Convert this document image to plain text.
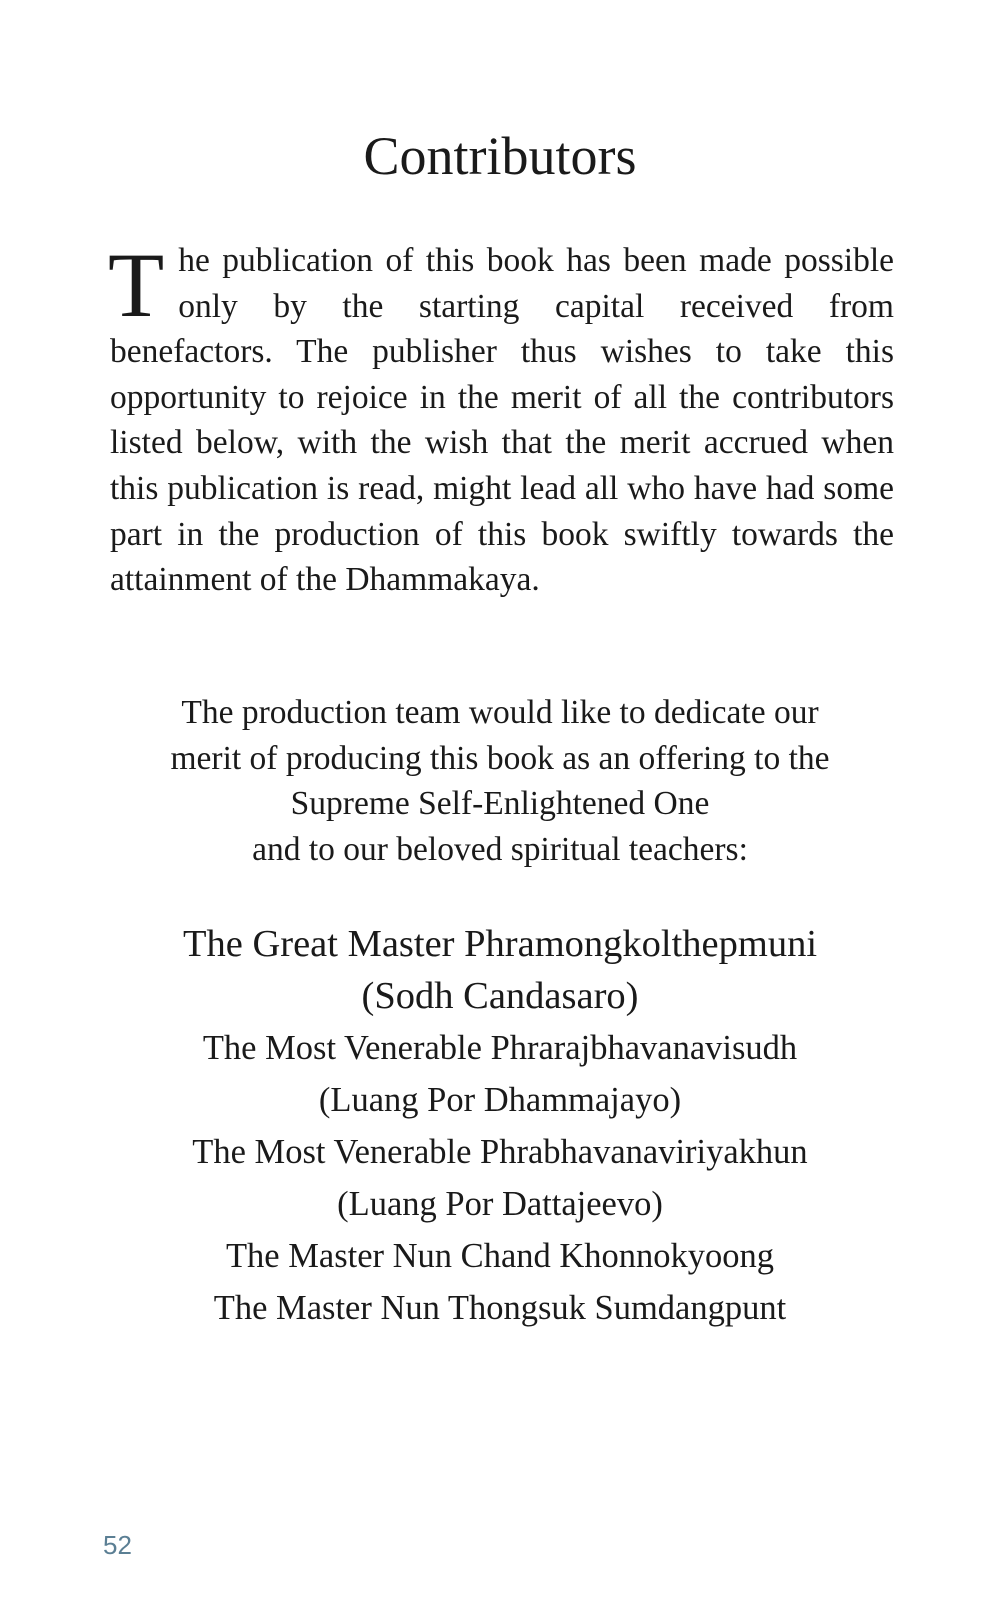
Contributors

The publication of this book has been made possible only by the starting capital received from benefactors. The publisher thus wishes to take this opportunity to rejoice in the merit of all the contributors listed below, with the wish that the merit accrued when this publication is read, might lead all who have had some part in the production of this book swiftly towards the attainment of the Dhammakaya.

The production team would like to dedicate our
merit of producing this book as an offering to the
Supreme Self-Enlightened One
and to our beloved spiritual teachers:
The Great Master Phramongkolthepmuni
(Sodh Candasaro)
The Most Venerable Phrarajbhavanavisudh
(Luang Por Dhammajayo)
The Most Venerable Phrabhavanaviriyakhun
(Luang Por Dattajeevo)
The Master Nun Chand Khonnokyoong
The Master Nun Thongsuk Sumdangpunt
52
